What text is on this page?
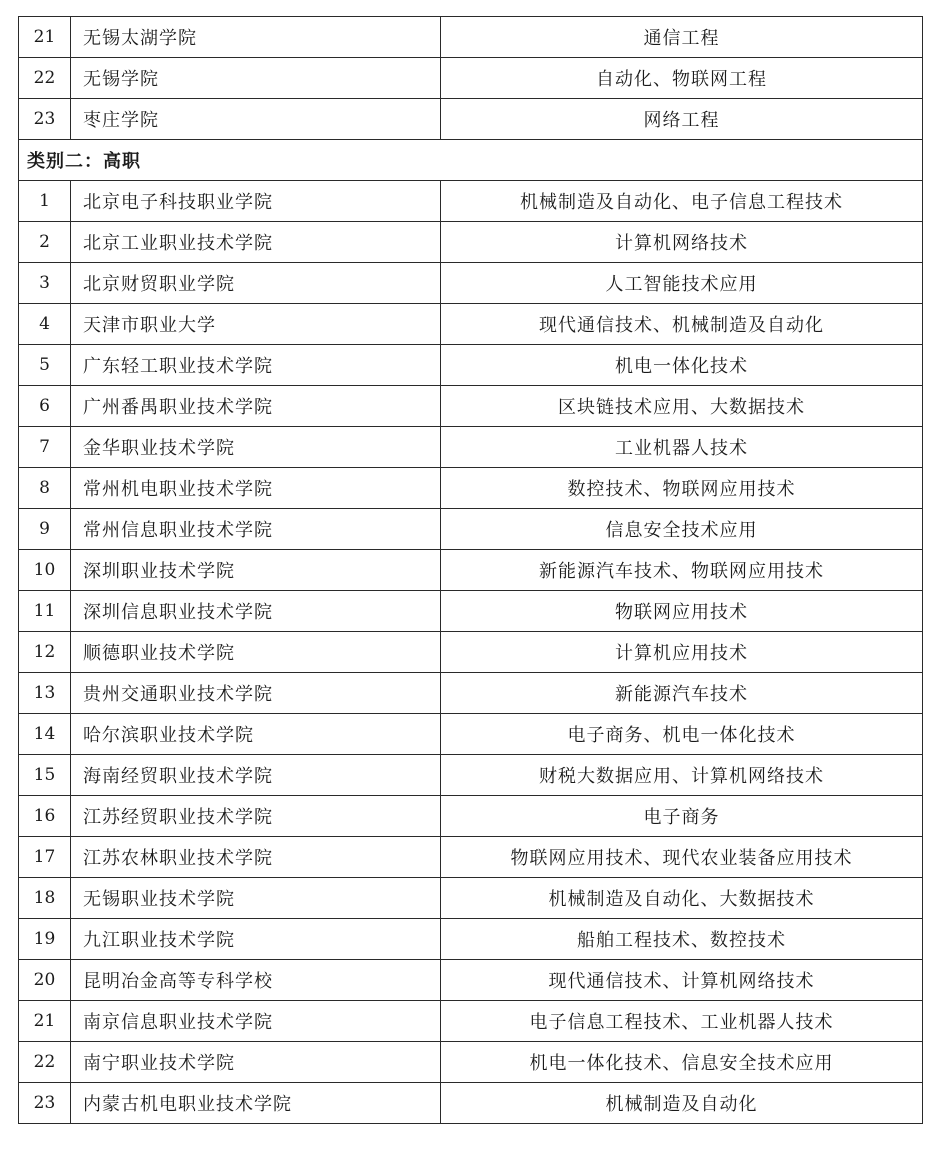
21	无锡太湖学院	通信工程
22	无锡学院	自动化、物联网工程
23	枣庄学院	网络工程
类别二：高职		
1	北京电子科技职业学院	机械制造及自动化、电子信息工程技术
2	北京工业职业技术学院	计算机网络技术
3	北京财贸职业学院	人工智能技术应用
4	天津市职业大学	现代通信技术、机械制造及自动化
5	广东轻工职业技术学院	机电一体化技术
6	广州番禺职业技术学院	区块链技术应用、大数据技术
7	金华职业技术学院	工业机器人技术
8	常州机电职业技术学院	数控技术、物联网应用技术
9	常州信息职业技术学院	信息安全技术应用
10	深圳职业技术学院	新能源汽车技术、物联网应用技术
11	深圳信息职业技术学院	物联网应用技术
12	顺德职业技术学院	计算机应用技术
13	贵州交通职业技术学院	新能源汽车技术
14	哈尔滨职业技术学院	电子商务、机电一体化技术
15	海南经贸职业技术学院	财税大数据应用、计算机网络技术
16	江苏经贸职业技术学院	电子商务
17	江苏农林职业技术学院	物联网应用技术、现代农业装备应用技术
18	无锡职业技术学院	机械制造及自动化、大数据技术
19	九江职业技术学院	船舶工程技术、数控技术
20	昆明冶金高等专科学校	现代通信技术、计算机网络技术
21	南京信息职业技术学院	电子信息工程技术、工业机器人技术
22	南宁职业技术学院	机电一体化技术、信息安全技术应用
23	内蒙古机电职业技术学院	机械制造及自动化
